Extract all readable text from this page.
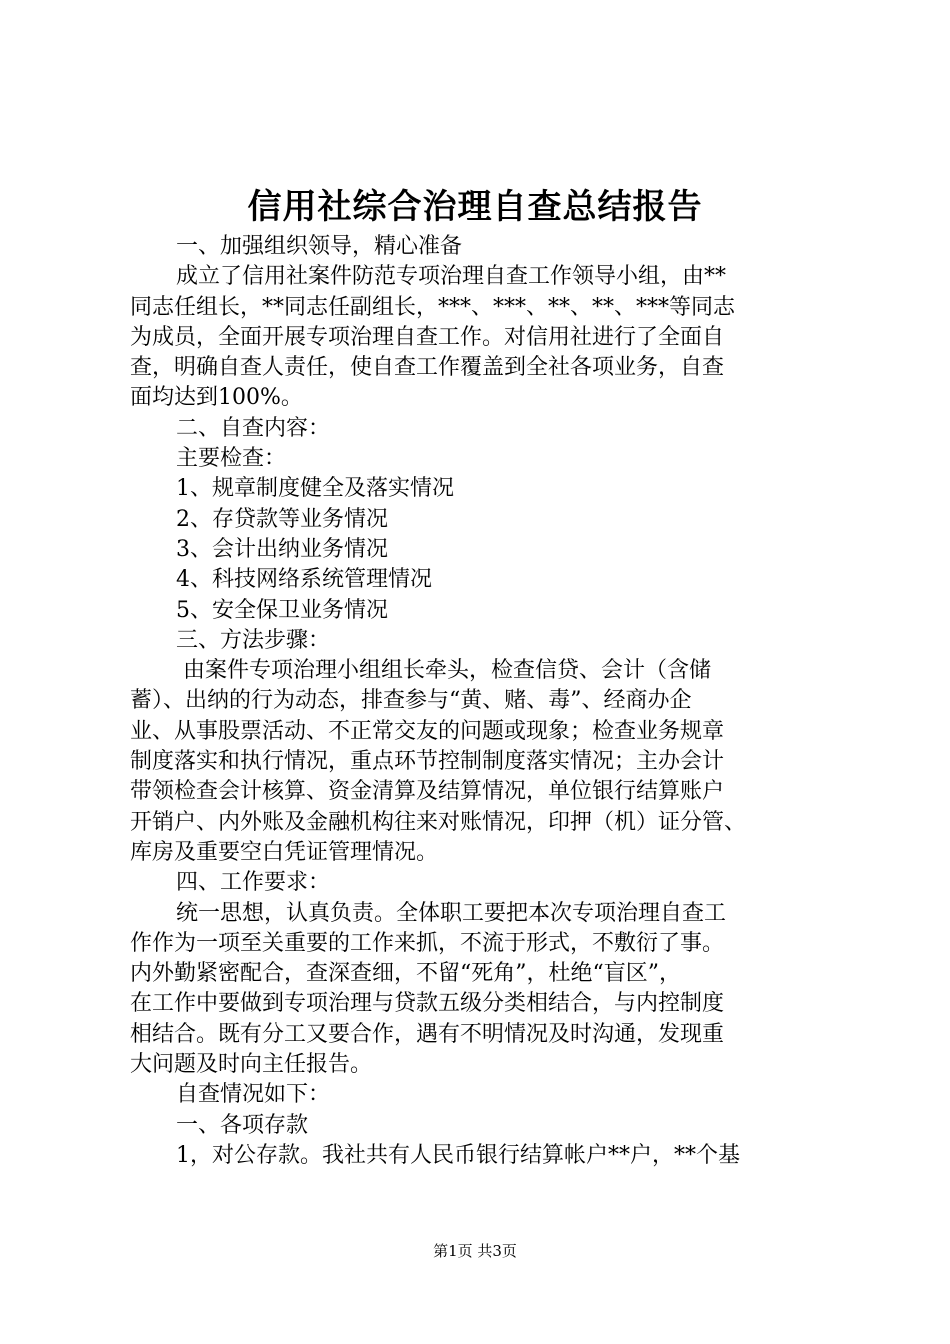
信用社综合治理自查总结报告

一、加强组织领导，精心准备

成立了信用社案件防范专项治理自查工作领导小组，由**

同志任组长，**同志任副组长，***、***、**、**、***等同志

为成员，全面开展专项治理自查工作。对信用社进行了全面自

查，明确自查人责任，使自查工作覆盖到全社各项业务，自查

面均达到100%。

二、自查内容：

主要检查：

1、规章制度健全及落实情况

2、存贷款等业务情况

3、会计出纳业务情况

4、科技网络系统管理情况

5、安全保卫业务情况

三、方法步骤：

由案件专项治理小组组长牵头，检查信贷、会计（含储

蓄）、出纳的行为动态，排查参与“黄、赌、毒”、经商办企

业、从事股票活动、不正常交友的问题或现象；检查业务规章

制度落实和执行情况，重点环节控制制度落实情况；主办会计

带领检查会计核算、资金清算及结算情况，单位银行结算账户

开销户、内外账及金融机构往来对账情况，印押（机）证分管、

库房及重要空白凭证管理情况。

四、工作要求：

统一思想，认真负责。全体职工要把本次专项治理自查工

作作为一项至关重要的工作来抓，不流于形式，不敷衍了事。

内外勤紧密配合，查深查细，不留“死角”，杜绝“盲区”，

在工作中要做到专项治理与贷款五级分类相结合，与内控制度

相结合。既有分工又要合作，遇有不明情况及时沟通，发现重

大问题及时向主任报告。

自查情况如下：

一、各项存款

1，对公存款。我社共有人民币银行结算帐户**户，**个基

第1页 共3页
